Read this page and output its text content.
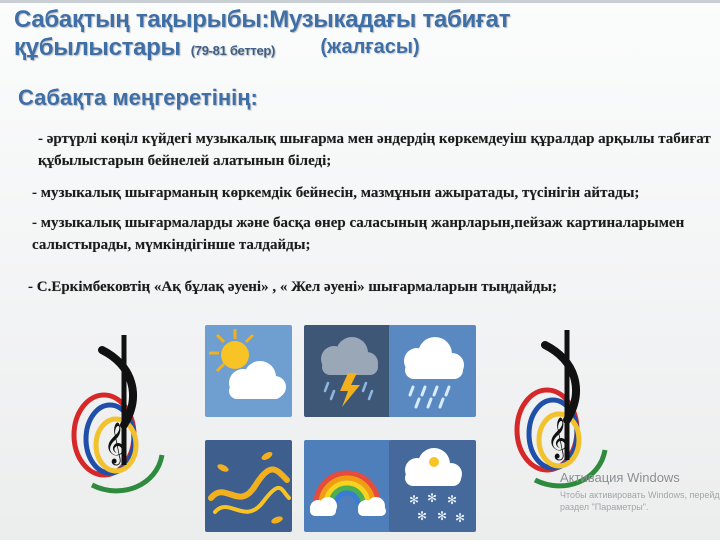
Сабақтың тақырыбы:Музыкадағы табиғат құбылыстары (79-81 беттер)	(жалғасы)
Сабақта меңгеретінің:
- әртүрлі көңіл күйдегі музыкалық шығарма мен әндердің көркемдеуіш құралдар арқылы табиғат құбылыстарын бейнелей алатынын біледі;
- музыкалық шығарманың көркемдік бейнесін, мазмұнын ажыратады, түсінігін айтады;
- музыкалық шығармаларды және басқа өнер саласының жанрларын,пейзаж картиналарымен салыстырады, мүмкіндігінше талдайды;
- С.Еркімбековтің «Ақ бұлақ әуені» , « Жел әуені» шығармаларын тыңдайды;
✻ ✻ ✻
✻ ✻ ✻
𝄞	𝄞
Активация Windows
Чтобы активировать Windows, перейд раздел "Параметры".
